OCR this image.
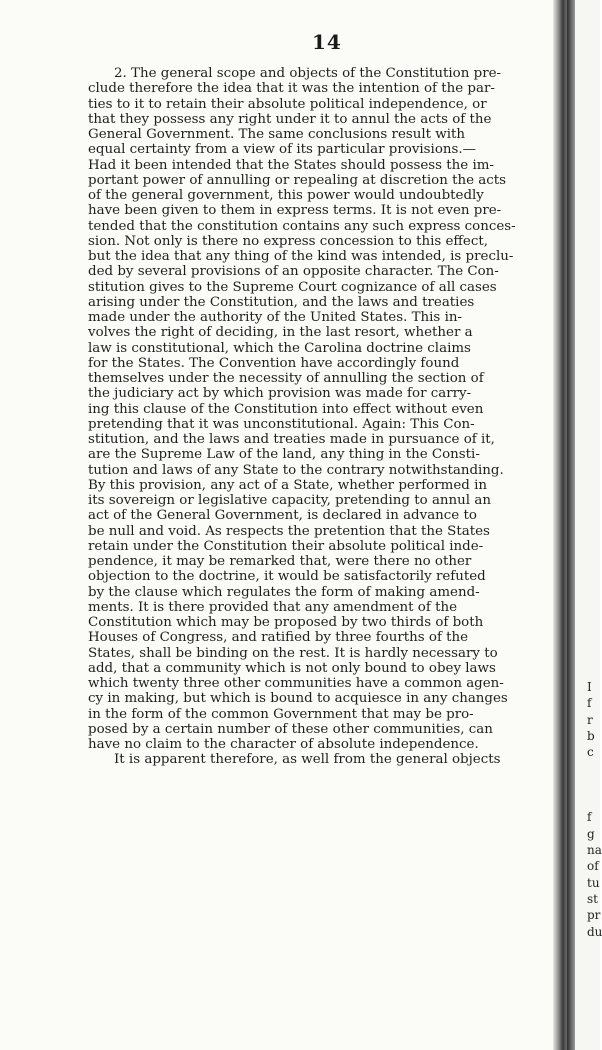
14
2. The general scope and objects of the Constitution pre-
clude therefore the idea that it was the intention of the par-
ties to it to retain their absolute political independence, or
that they possess any right under it to annul the acts of the
General Government. The same conclusions result with
equal certainty from a view of its particular provisions.—
Had it been intended that the States should possess the im-
portant power of annulling or repealing at discretion the acts
of the general government, this power would undoubtedly
have been given to them in express terms. It is not even pre-
tended that the constitution contains any such express conces-
sion. Not only is there no express concession to this effect,
but the idea that any thing of the kind was intended, is preclu-
ded by several provisions of an opposite character. The Con-
stitution gives to the Supreme Court cognizance of all cases
arising under the Constitution, and the laws and treaties
made under the authority of the United States. This in-
volves the right of deciding, in the last resort, whether a
law is constitutional, which the Carolina doctrine claims
for the States. The Convention have accordingly found
themselves under the necessity of annulling the section of
the judiciary act by which provision was made for carry-
ing this clause of the Constitution into effect without even
pretending that it was unconstitutional. Again: This Con-
stitution, and the laws and treaties made in pursuance of it,
are the Supreme Law of the land, any thing in the Consti-
tution and laws of any State to the contrary notwithstanding.
By this provision, any act of a State, whether performed in
its sovereign or legislative capacity, pretending to annul an
act of the General Government, is declared in advance to
be null and void. As respects the pretention that the States
retain under the Constitution their absolute political inde-
pendence, it may be remarked that, were there no other
objection to the doctrine, it would be satisfactorily refuted
by the clause which regulates the form of making amend-
ments. It is there provided that any amendment of the
Constitution which may be proposed by two thirds of both
Houses of Congress, and ratified by three fourths of the
States, shall be binding on the rest. It is hardly necessary to
add, that a community which is not only bound to obey laws
which twenty three other communities have a common agen-
cy in making, but which is bound to acquiesce in any changes
in the form of the common Government that may be pro-
posed by a certain number of these other communities, can
have no claim to the character of absolute independence.
It is apparent therefore, as well from the general objects
I
f
r
b
c
f
g
na
of
tu
st
pr
du
